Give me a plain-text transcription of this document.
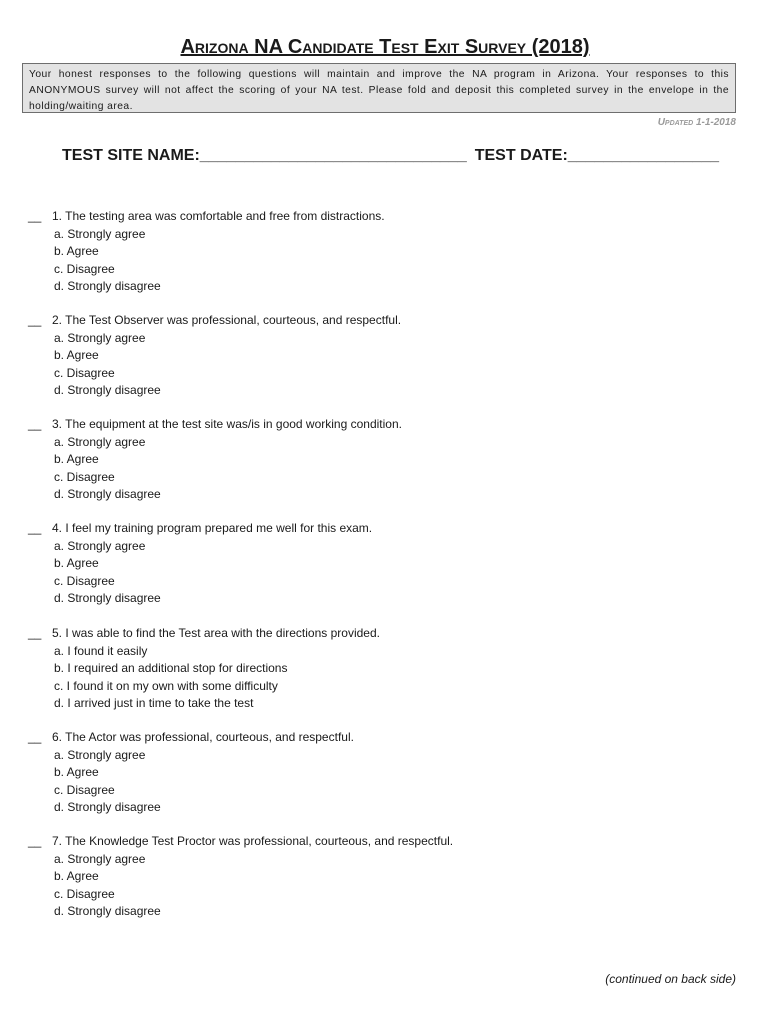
Arizona NA Candidate Test Exit Survey (2018)
Your honest responses to the following questions will maintain and improve the NA program in Arizona. Your responses to this ANONYMOUS survey will not affect the scoring of your NA test. Please fold and deposit this completed survey in the envelope in the holding/waiting area.
Updated 1-1-2018
TEST SITE NAME:______________________________ TEST DATE:_________________
__ 1. The testing area was comfortable and free from distractions.
a. Strongly agree
b. Agree
c. Disagree
d. Strongly disagree
__ 2. The Test Observer was professional, courteous, and respectful.
a. Strongly agree
b. Agree
c. Disagree
d. Strongly disagree
__ 3. The equipment at the test site was/is in good working condition.
a. Strongly agree
b. Agree
c. Disagree
d. Strongly disagree
__ 4. I feel my training program prepared me well for this exam.
a. Strongly agree
b. Agree
c. Disagree
d. Strongly disagree
__ 5. I was able to find the Test area with the directions provided.
a. I found it easily
b. I required an additional stop for directions
c. I found it on my own with some difficulty
d. I arrived just in time to take the test
__ 6. The Actor was professional, courteous, and respectful.
a. Strongly agree
b. Agree
c. Disagree
d. Strongly disagree
__ 7. The Knowledge Test Proctor was professional, courteous, and respectful.
a. Strongly agree
b. Agree
c. Disagree
d. Strongly disagree
(continued on back side)
